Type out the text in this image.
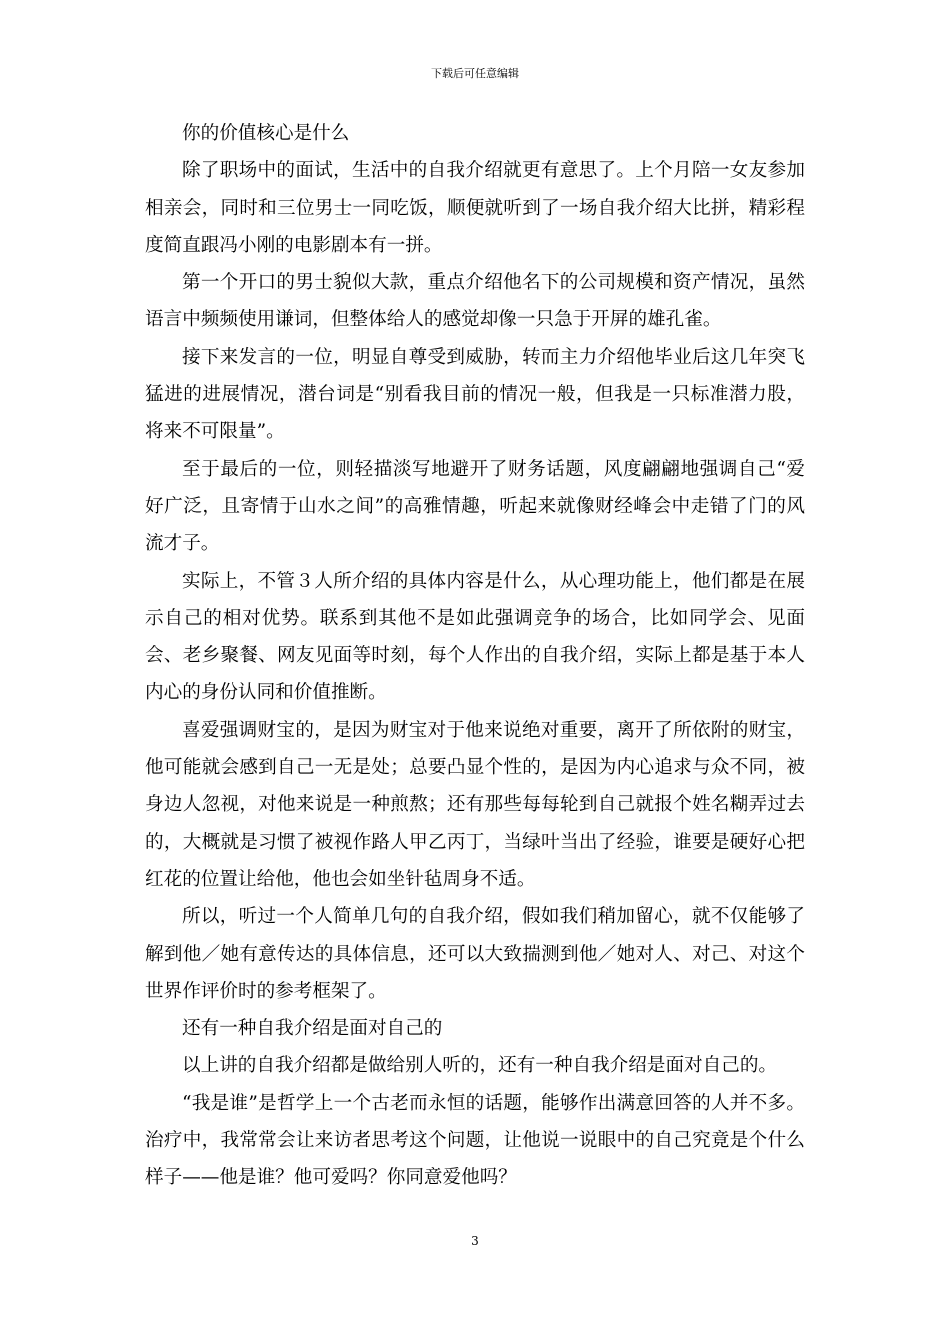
下载后可任意编辑

你的价值核心是什么

除了职场中的面试，生活中的自我介绍就更有意思了。上个月陪一女友参加相亲会，同时和三位男士一同吃饭，顺便就听到了一场自我介绍大比拼，精彩程度简直跟冯小刚的电影剧本有一拼。

第一个开口的男士貌似大款，重点介绍他名下的公司规模和资产情况，虽然语言中频频使用谦词，但整体给人的感觉却像一只急于开屏的雄孔雀。

接下来发言的一位，明显自尊受到威胁，转而主力介绍他毕业后这几年突飞猛进的进展情况，潜台词是“别看我目前的情况一般，但我是一只标准潜力股，将来不可限量”。

至于最后的一位，则轻描淡写地避开了财务话题，风度翩翩地强调自己“爱好广泛，且寄情于山水之间”的高雅情趣，听起来就像财经峰会中走错了门的风流才子。

实际上，不管３人所介绍的具体内容是什么，从心理功能上，他们都是在展示自己的相对优势。联系到其他不是如此强调竞争的场合，比如同学会、见面会、老乡聚餐、网友见面等时刻，每个人作出的自我介绍，实际上都是基于本人内心的身份认同和价值推断。

喜爱强调财宝的，是因为财宝对于他来说绝对重要，离开了所依附的财宝，他可能就会感到自己一无是处；总要凸显个性的，是因为内心追求与众不同，被身边人忽视，对他来说是一种煎熬；还有那些每每轮到自己就报个姓名糊弄过去的，大概就是习惯了被视作路人甲乙丙丁，当绿叶当出了经验，谁要是硬好心把红花的位置让给他，他也会如坐针毡周身不适。

所以，听过一个人简单几句的自我介绍，假如我们稍加留心，就不仅能够了解到他／她有意传达的具体信息，还可以大致揣测到他／她对人、对己、对这个世界作评价时的参考框架了。

还有一种自我介绍是面对自己的

以上讲的自我介绍都是做给别人听的，还有一种自我介绍是面对自己的。

“我是谁”是哲学上一个古老而永恒的话题，能够作出满意回答的人并不多。治疗中，我常常会让来访者思考这个问题，让他说一说眼中的自己究竟是个什么样子——他是谁？他可爱吗？你同意爱他吗？

3
